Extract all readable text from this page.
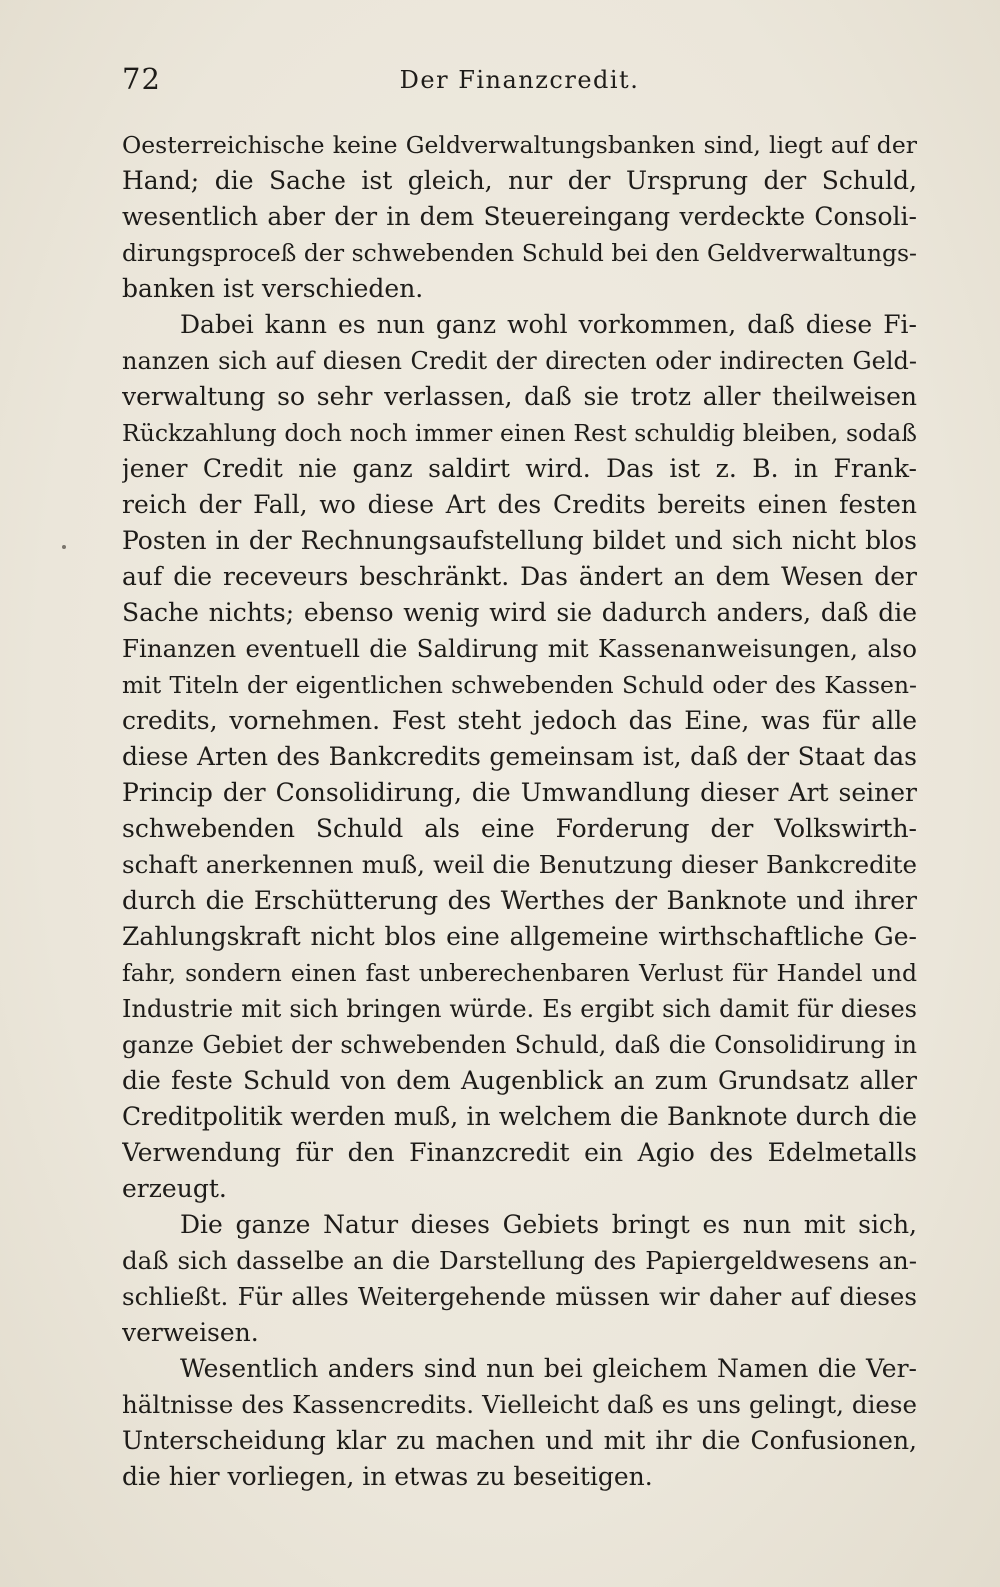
72	Der Finanzcredit.
Oesterreichische keine Geldverwaltungsbanken sind, liegt auf der
Hand; die Sache ist gleich, nur der Ursprung der Schuld,
wesentlich aber der in dem Steuereingang verdeckte Consoli-
dirungsproceß der schwebenden Schuld bei den Geldverwaltungs-
banken ist verschieden.
Dabei kann es nun ganz wohl vorkommen, daß diese Fi-
nanzen sich auf diesen Credit der directen oder indirecten Geld-
verwaltung so sehr verlassen, daß sie trotz aller theilweisen
Rückzahlung doch noch immer einen Rest schuldig bleiben, sodaß
jener Credit nie ganz saldirt wird. Das ist z. B. in Frank-
reich der Fall, wo diese Art des Credits bereits einen festen
Posten in der Rechnungsaufstellung bildet und sich nicht blos
auf die receveurs beschränkt. Das ändert an dem Wesen der
Sache nichts; ebenso wenig wird sie dadurch anders, daß die
Finanzen eventuell die Saldirung mit Kassenanweisungen, also
mit Titeln der eigentlichen schwebenden Schuld oder des Kassen-
credits, vornehmen. Fest steht jedoch das Eine, was für alle
diese Arten des Bankcredits gemeinsam ist, daß der Staat das
Princip der Consolidirung, die Umwandlung dieser Art seiner
schwebenden Schuld als eine Forderung der Volkswirth-
schaft anerkennen muß, weil die Benutzung dieser Bankcredite
durch die Erschütterung des Werthes der Banknote und ihrer
Zahlungskraft nicht blos eine allgemeine wirthschaftliche Ge-
fahr, sondern einen fast unberechenbaren Verlust für Handel und
Industrie mit sich bringen würde. Es ergibt sich damit für dieses
ganze Gebiet der schwebenden Schuld, daß die Consolidirung in
die feste Schuld von dem Augenblick an zum Grundsatz aller
Creditpolitik werden muß, in welchem die Banknote durch die
Verwendung für den Finanzcredit ein Agio des Edelmetalls
erzeugt.
Die ganze Natur dieses Gebiets bringt es nun mit sich,
daß sich dasselbe an die Darstellung des Papiergeldwesens an-
schließt. Für alles Weitergehende müssen wir daher auf dieses
verweisen.
Wesentlich anders sind nun bei gleichem Namen die Ver-
hältnisse des Kassencredits. Vielleicht daß es uns gelingt, diese
Unterscheidung klar zu machen und mit ihr die Confusionen,
die hier vorliegen, in etwas zu beseitigen.
